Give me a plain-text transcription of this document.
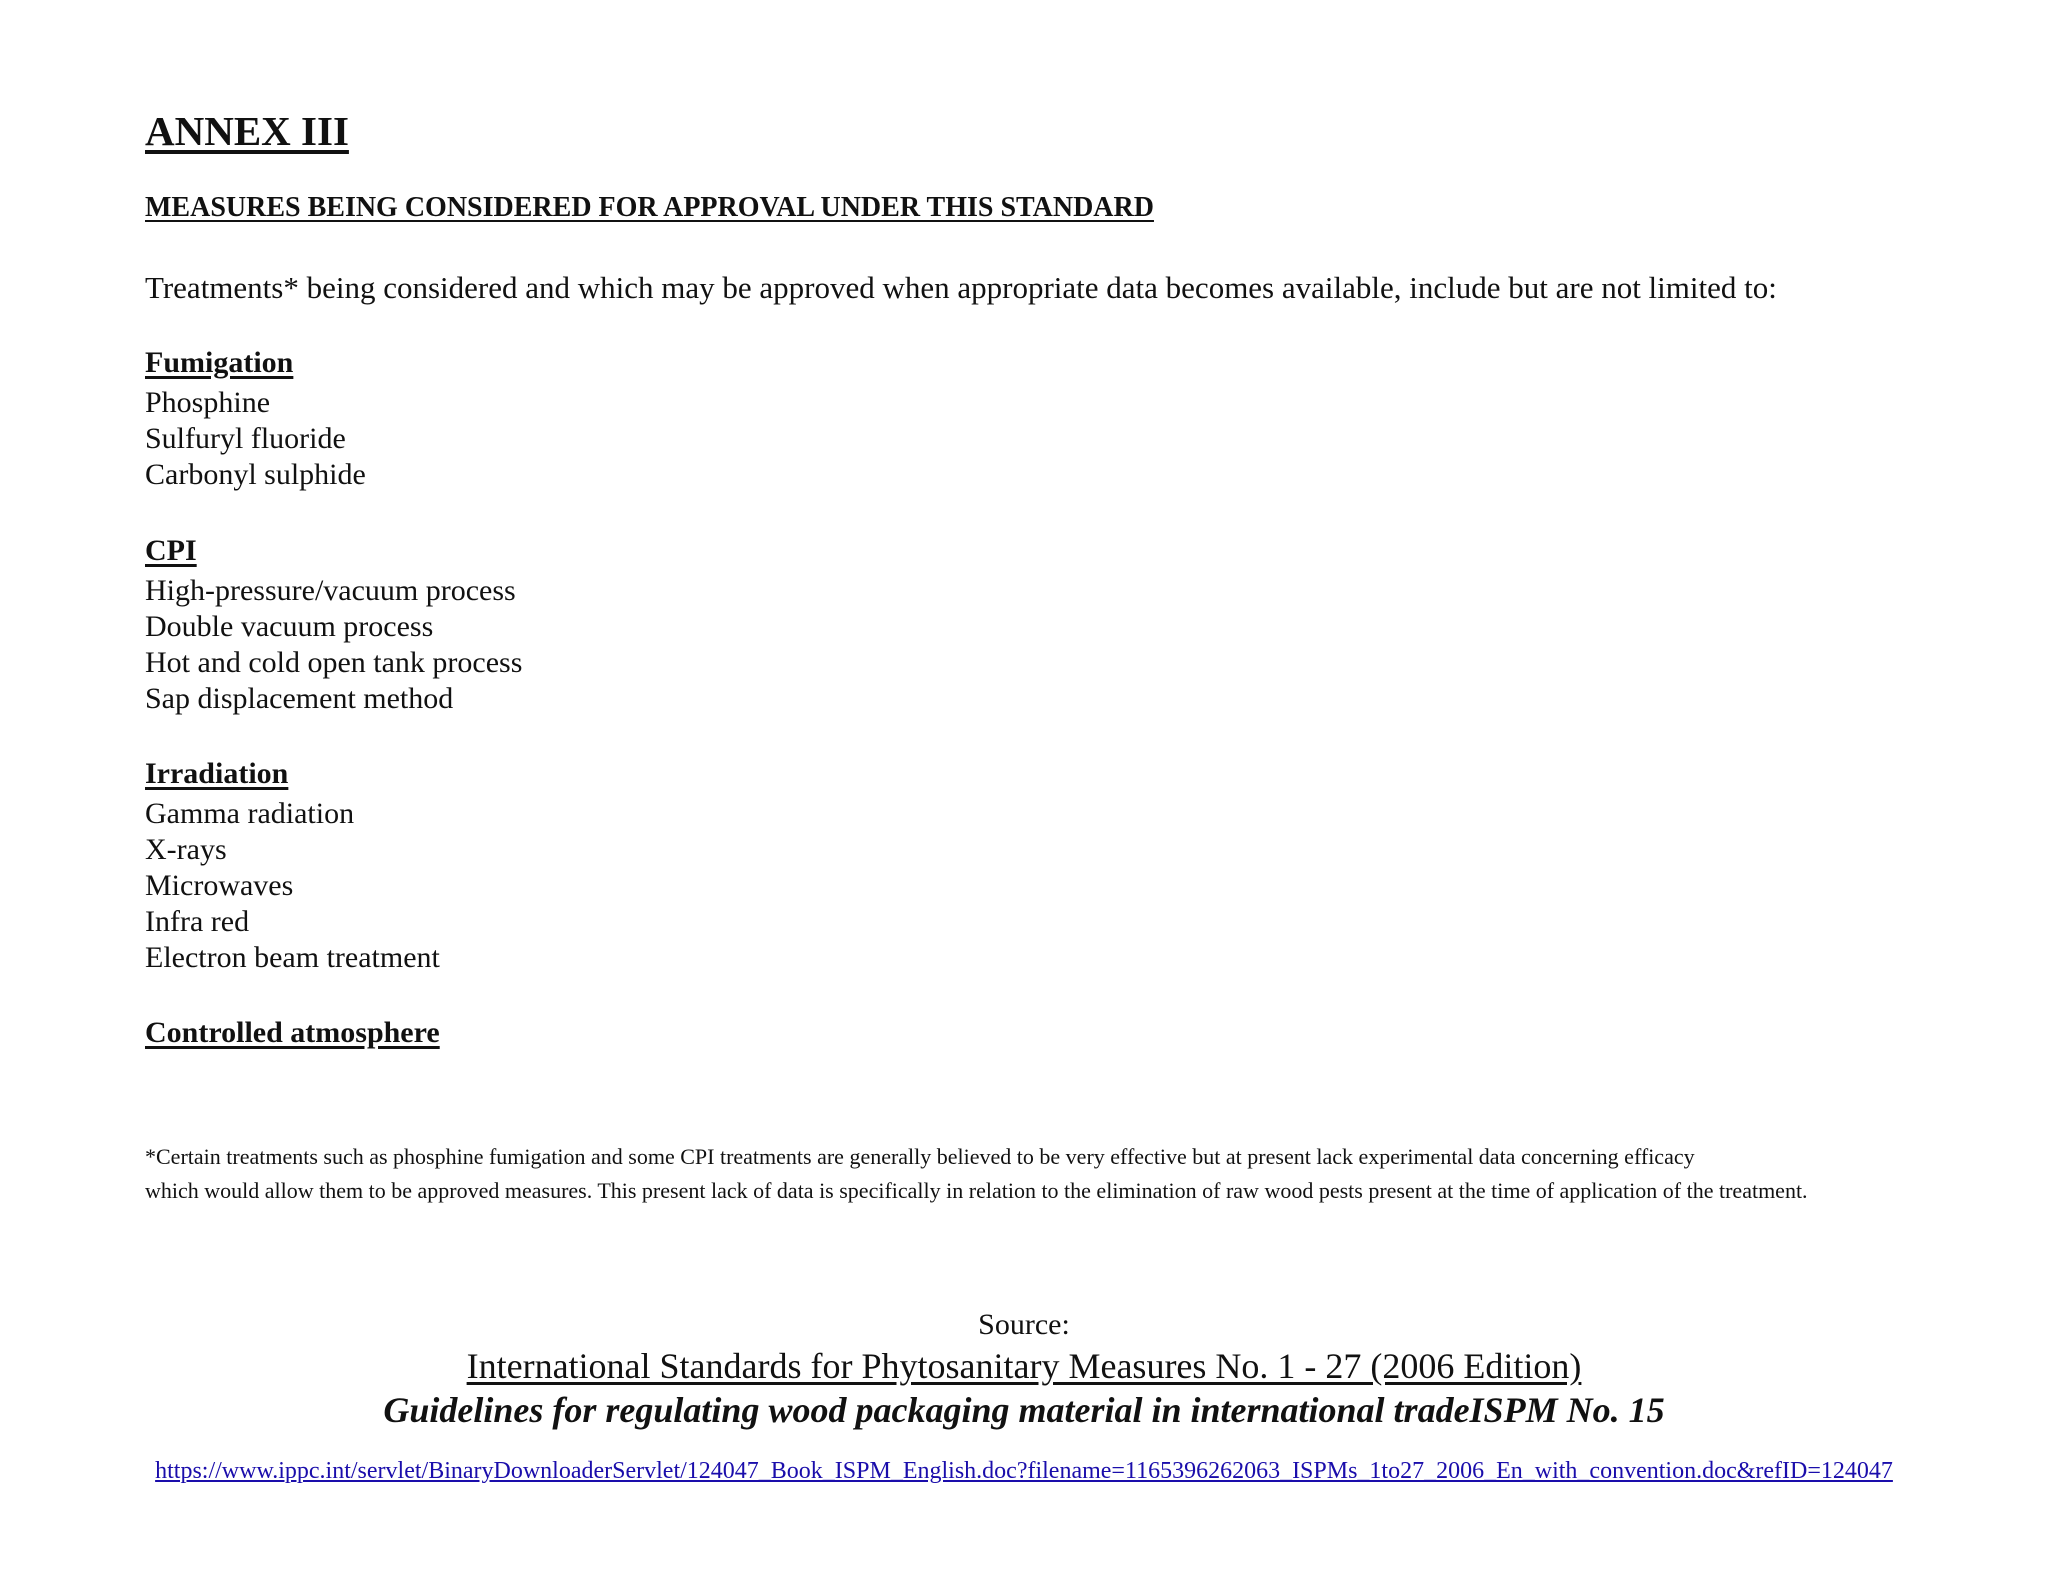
ANNEX III
MEASURES BEING CONSIDERED FOR APPROVAL UNDER THIS STANDARD

Treatments* being considered and which may be approved when appropriate data becomes available, include but are not limited to:

Fumigation
Phosphine
Sulfuryl fluoride
Carbonyl sulphide
CPI
High-pressure/vacuum process
Double vacuum process
Hot and cold open tank process
Sap displacement method
Irradiation
Gamma radiation
X-rays
Microwaves
Infra red
Electron beam treatment
Controlled atmosphere

*Certain treatments such as phosphine fumigation and some CPI treatments are generally believed to be very effective but at present lack experimental data concerning efficacy
which would allow them to be approved measures. This present lack of data is specifically in relation to the elimination of raw wood pests present at the time of application of the treatment.

Source:

International Standards for Phytosanitary Measures No. 1 - 27 (2006 Edition)

Guidelines for regulating wood packaging material in international tradeISPM No. 15

https://www.ippc.int/servlet/BinaryDownloaderServlet/124047_Book_ISPM_English.doc?filename=1165396262063_ISPMs_1to27_2006_En_with_convention.doc&refID=124047
